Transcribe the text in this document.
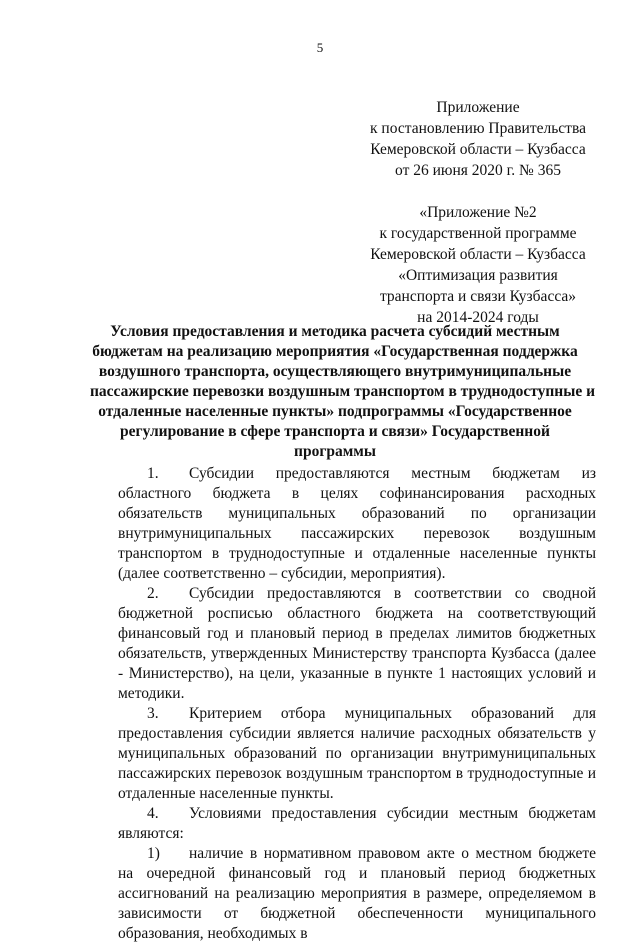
5
Приложение
к постановлению Правительства
Кемеровской области – Кузбасса
от 26 июня 2020 г. № 365
«Приложение №2
к государственной программе
Кемеровской области – Кузбасса
«Оптимизация развития
транспорта и связи Кузбасса»
на 2014-2024 годы
Условия предоставления и методика расчета субсидий местным
бюджетам на реализацию мероприятия «Государственная поддержка
воздушного транспорта, осуществляющего внутримуниципальные
пассажирские перевозки воздушным транспортом в труднодоступные и
отдаленные населенные пункты» подпрограммы «Государственное
регулирование в сфере транспорта и связи» Государственной
программы

1. Субсидии предоставляются местным бюджетам из областного бюджета в целях софинансирования расходных обязательств муниципальных образований по организации внутримуниципальных пассажирских перевозок воздушным транспортом в труднодоступные и отдаленные населенные пункты (далее соответственно – субсидии, мероприятия).

2. Субсидии предоставляются в соответствии со сводной бюджетной росписью областного бюджета на соответствующий финансовый год и плановый период в пределах лимитов бюджетных обязательств, утвержденных Министерству транспорта Кузбасса (далее - Министерство), на цели, указанные в пункте 1 настоящих условий и методики.

3. Критерием отбора муниципальных образований для предоставления субсидии является наличие расходных обязательств у муниципальных образований по организации внутримуниципальных пассажирских перевозок воздушным транспортом в труднодоступные и отдаленные населенные пункты.

4. Условиями предоставления субсидии местным бюджетам являются:

1) наличие в нормативном правовом акте о местном бюджете на очередной финансовый год и плановый период бюджетных ассигнований на реализацию мероприятия в размере, определяемом в зависимости от бюджетной обеспеченности муниципального образования, необходимых в
